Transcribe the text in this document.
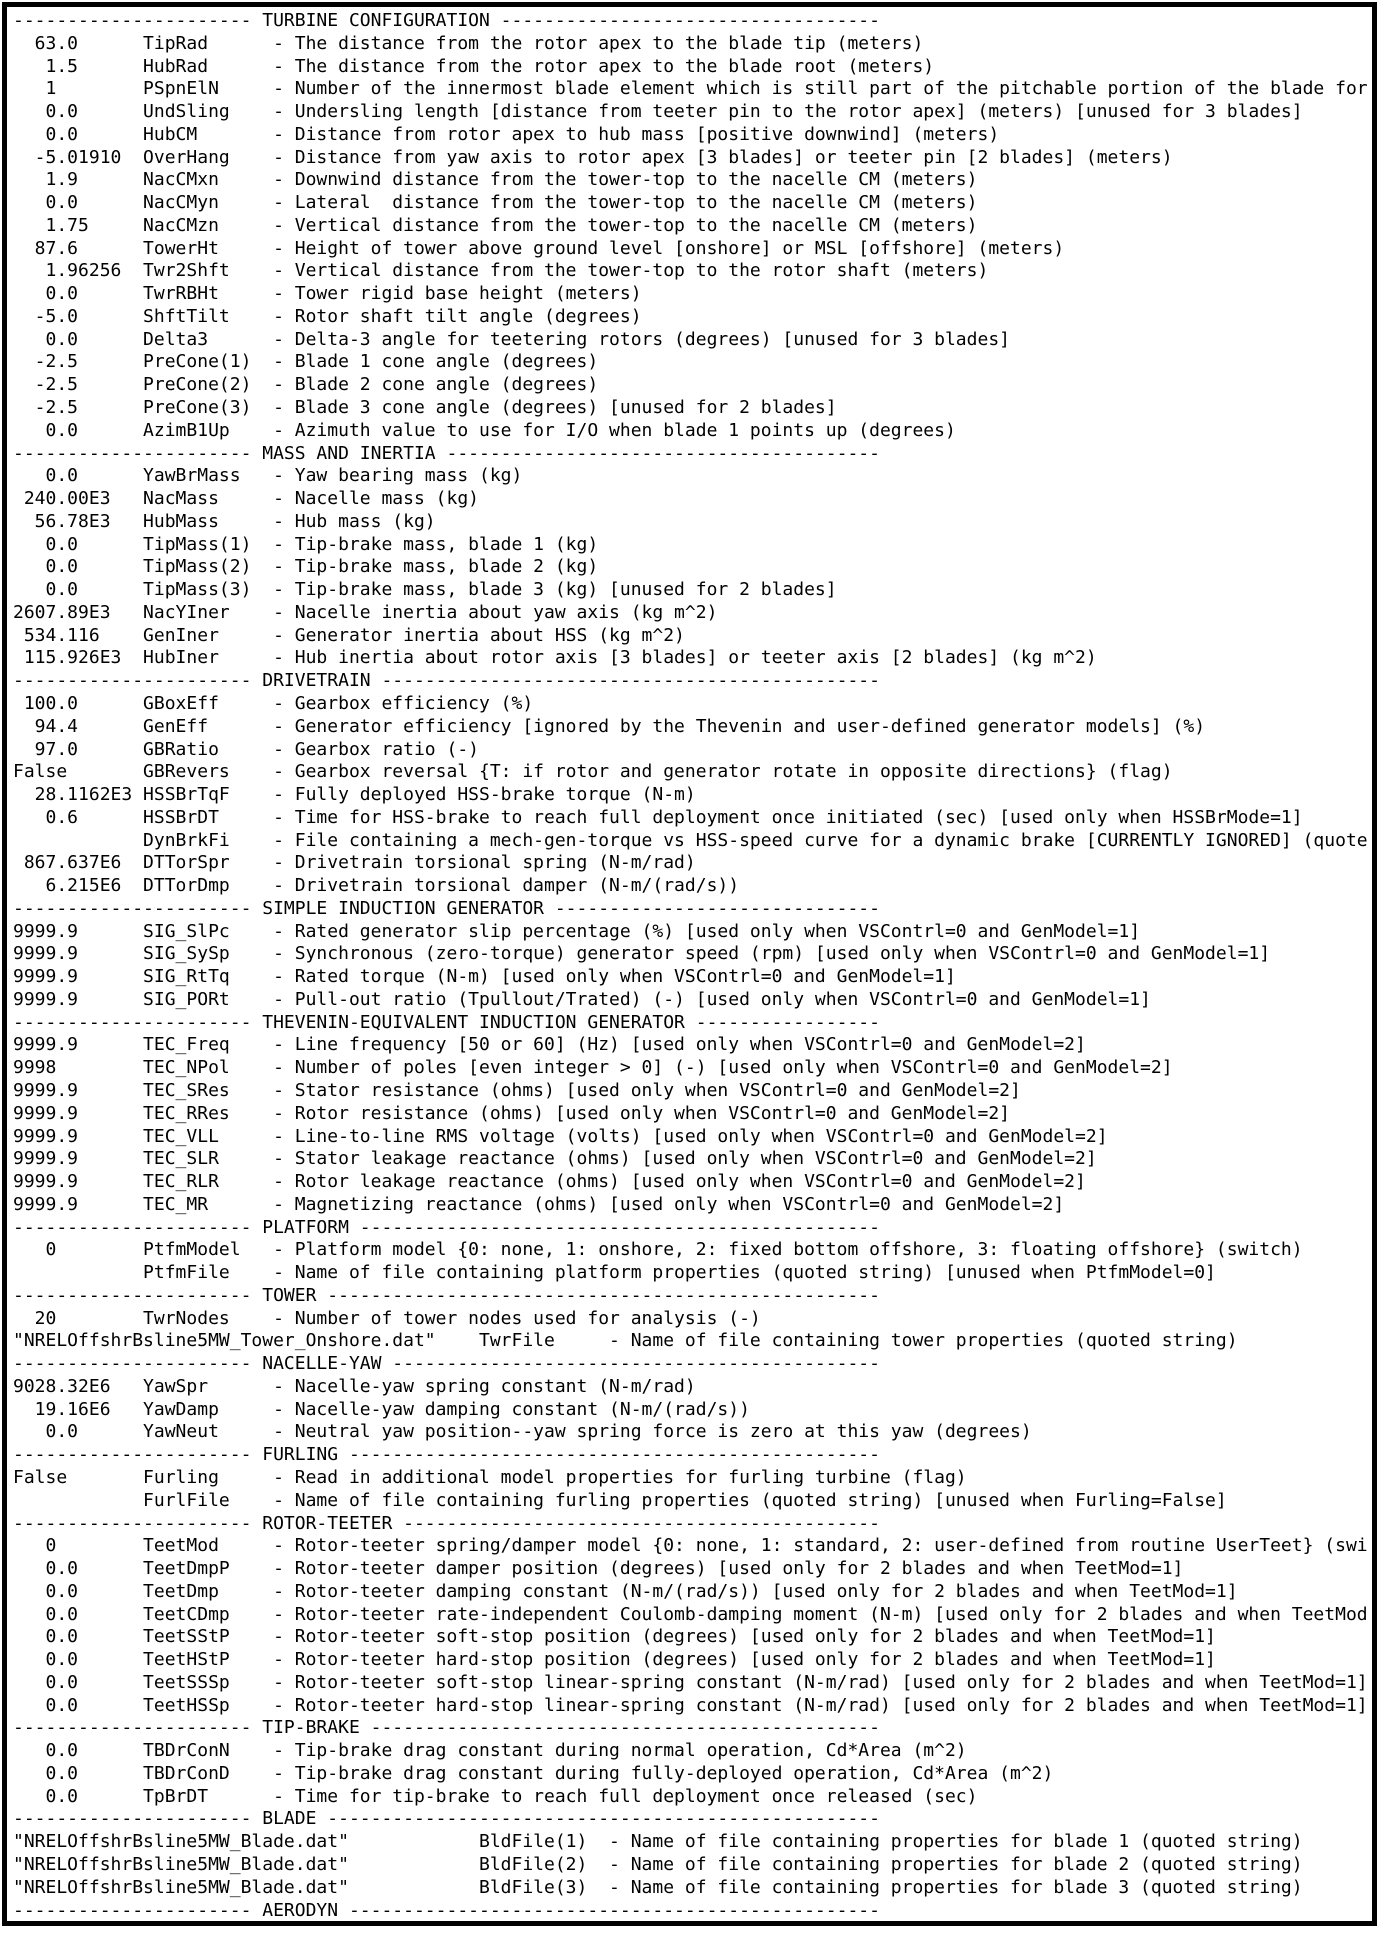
---------------------- TURBINE CONFIGURATION -----------------------------------
63.0      TipRad      - The distance from the rotor apex to the blade tip (meters)
1.5      HubRad      - The distance from the rotor apex to the blade root (meters)
1        PSpnElN     - Number of the innermost blade element which is still part of the pitchable portion of the blade for
0.0      UndSling    - Undersling length [distance from teeter pin to the rotor apex] (meters) [unused for 3 blades]
0.0      HubCM       - Distance from rotor apex to hub mass [positive downwind] (meters)
-5.01910  OverHang    - Distance from yaw axis to rotor apex [3 blades] or teeter pin [2 blades] (meters)
1.9      NacCMxn     - Downwind distance from the tower-top to the nacelle CM (meters)
0.0      NacCMyn     - Lateral  distance from the tower-top to the nacelle CM (meters)
1.75     NacCMzn     - Vertical distance from the tower-top to the nacelle CM (meters)
87.6      TowerHt     - Height of tower above ground level [onshore] or MSL [offshore] (meters)
1.96256  Twr2Shft    - Vertical distance from the tower-top to the rotor shaft (meters)
0.0      TwrRBHt     - Tower rigid base height (meters)
-5.0      ShftTilt    - Rotor shaft tilt angle (degrees)
0.0      Delta3      - Delta-3 angle for teetering rotors (degrees) [unused for 3 blades]
-2.5      PreCone(1)  - Blade 1 cone angle (degrees)
-2.5      PreCone(2)  - Blade 2 cone angle (degrees)
-2.5      PreCone(3)  - Blade 3 cone angle (degrees) [unused for 2 blades]
0.0      AzimB1Up    - Azimuth value to use for I/O when blade 1 points up (degrees)
---------------------- MASS AND INERTIA ----------------------------------------
0.0      YawBrMass   - Yaw bearing mass (kg)
240.00E3   NacMass     - Nacelle mass (kg)
56.78E3   HubMass     - Hub mass (kg)
0.0      TipMass(1)  - Tip-brake mass, blade 1 (kg)
0.0      TipMass(2)  - Tip-brake mass, blade 2 (kg)
0.0      TipMass(3)  - Tip-brake mass, blade 3 (kg) [unused for 2 blades]
2607.89E3   NacYIner    - Nacelle inertia about yaw axis (kg m^2)
534.116    GenIner     - Generator inertia about HSS (kg m^2)
115.926E3  HubIner     - Hub inertia about rotor axis [3 blades] or teeter axis [2 blades] (kg m^2)
---------------------- DRIVETRAIN ----------------------------------------------
100.0      GBoxEff     - Gearbox efficiency (%)
94.4      GenEff      - Generator efficiency [ignored by the Thevenin and user-defined generator models] (%)
97.0      GBRatio     - Gearbox ratio (-)
False       GBRevers    - Gearbox reversal {T: if rotor and generator rotate in opposite directions} (flag)
28.1162E3 HSSBrTqF    - Fully deployed HSS-brake torque (N-m)
0.6      HSSBrDT     - Time for HSS-brake to reach full deployment once initiated (sec) [used only when HSSBrMode=1]
DynBrkFi    - File containing a mech-gen-torque vs HSS-speed curve for a dynamic brake [CURRENTLY IGNORED] (quote
867.637E6  DTTorSpr    - Drivetrain torsional spring (N-m/rad)
6.215E6  DTTorDmp    - Drivetrain torsional damper (N-m/(rad/s))
---------------------- SIMPLE INDUCTION GENERATOR ------------------------------
9999.9      SIG_SlPc    - Rated generator slip percentage (%) [used only when VSContrl=0 and GenModel=1]
9999.9      SIG_SySp    - Synchronous (zero-torque) generator speed (rpm) [used only when VSContrl=0 and GenModel=1]
9999.9      SIG_RtTq    - Rated torque (N-m) [used only when VSContrl=0 and GenModel=1]
9999.9      SIG_PORt    - Pull-out ratio (Tpullout/Trated) (-) [used only when VSContrl=0 and GenModel=1]
---------------------- THEVENIN-EQUIVALENT INDUCTION GENERATOR -----------------
9999.9      TEC_Freq    - Line frequency [50 or 60] (Hz) [used only when VSContrl=0 and GenModel=2]
9998        TEC_NPol    - Number of poles [even integer > 0] (-) [used only when VSContrl=0 and GenModel=2]
9999.9      TEC_SRes    - Stator resistance (ohms) [used only when VSContrl=0 and GenModel=2]
9999.9      TEC_RRes    - Rotor resistance (ohms) [used only when VSContrl=0 and GenModel=2]
9999.9      TEC_VLL     - Line-to-line RMS voltage (volts) [used only when VSContrl=0 and GenModel=2]
9999.9      TEC_SLR     - Stator leakage reactance (ohms) [used only when VSContrl=0 and GenModel=2]
9999.9      TEC_RLR     - Rotor leakage reactance (ohms) [used only when VSContrl=0 and GenModel=2]
9999.9      TEC_MR      - Magnetizing reactance (ohms) [used only when VSContrl=0 and GenModel=2]
---------------------- PLATFORM ------------------------------------------------
0        PtfmModel   - Platform model {0: none, 1: onshore, 2: fixed bottom offshore, 3: floating offshore} (switch)
PtfmFile    - Name of file containing platform properties (quoted string) [unused when PtfmModel=0]
---------------------- TOWER ---------------------------------------------------
20        TwrNodes    - Number of tower nodes used for analysis (-)
"NRELOffshrBsline5MW_Tower_Onshore.dat"    TwrFile     - Name of file containing tower properties (quoted string)
---------------------- NACELLE-YAW ---------------------------------------------
9028.32E6   YawSpr      - Nacelle-yaw spring constant (N-m/rad)
19.16E6   YawDamp     - Nacelle-yaw damping constant (N-m/(rad/s))
0.0      YawNeut     - Neutral yaw position--yaw spring force is zero at this yaw (degrees)
---------------------- FURLING -------------------------------------------------
False       Furling     - Read in additional model properties for furling turbine (flag)
FurlFile    - Name of file containing furling properties (quoted string) [unused when Furling=False]
---------------------- ROTOR-TEETER --------------------------------------------
0        TeetMod     - Rotor-teeter spring/damper model {0: none, 1: standard, 2: user-defined from routine UserTeet} (swi
0.0      TeetDmpP    - Rotor-teeter damper position (degrees) [used only for 2 blades and when TeetMod=1]
0.0      TeetDmp     - Rotor-teeter damping constant (N-m/(rad/s)) [used only for 2 blades and when TeetMod=1]
0.0      TeetCDmp    - Rotor-teeter rate-independent Coulomb-damping moment (N-m) [used only for 2 blades and when TeetMod
0.0      TeetSStP    - Rotor-teeter soft-stop position (degrees) [used only for 2 blades and when TeetMod=1]
0.0      TeetHStP    - Rotor-teeter hard-stop position (degrees) [used only for 2 blades and when TeetMod=1]
0.0      TeetSSSp    - Rotor-teeter soft-stop linear-spring constant (N-m/rad) [used only for 2 blades and when TeetMod=1]
0.0      TeetHSSp    - Rotor-teeter hard-stop linear-spring constant (N-m/rad) [used only for 2 blades and when TeetMod=1]
---------------------- TIP-BRAKE -----------------------------------------------
0.0      TBDrConN    - Tip-brake drag constant during normal operation, Cd*Area (m^2)
0.0      TBDrConD    - Tip-brake drag constant during fully-deployed operation, Cd*Area (m^2)
0.0      TpBrDT      - Time for tip-brake to reach full deployment once released (sec)
---------------------- BLADE ---------------------------------------------------
"NRELOffshrBsline5MW_Blade.dat"            BldFile(1)  - Name of file containing properties for blade 1 (quoted string)
"NRELOffshrBsline5MW_Blade.dat"            BldFile(2)  - Name of file containing properties for blade 2 (quoted string)
"NRELOffshrBsline5MW_Blade.dat"            BldFile(3)  - Name of file containing properties for blade 3 (quoted string)
---------------------- AERODYN -------------------------------------------------
